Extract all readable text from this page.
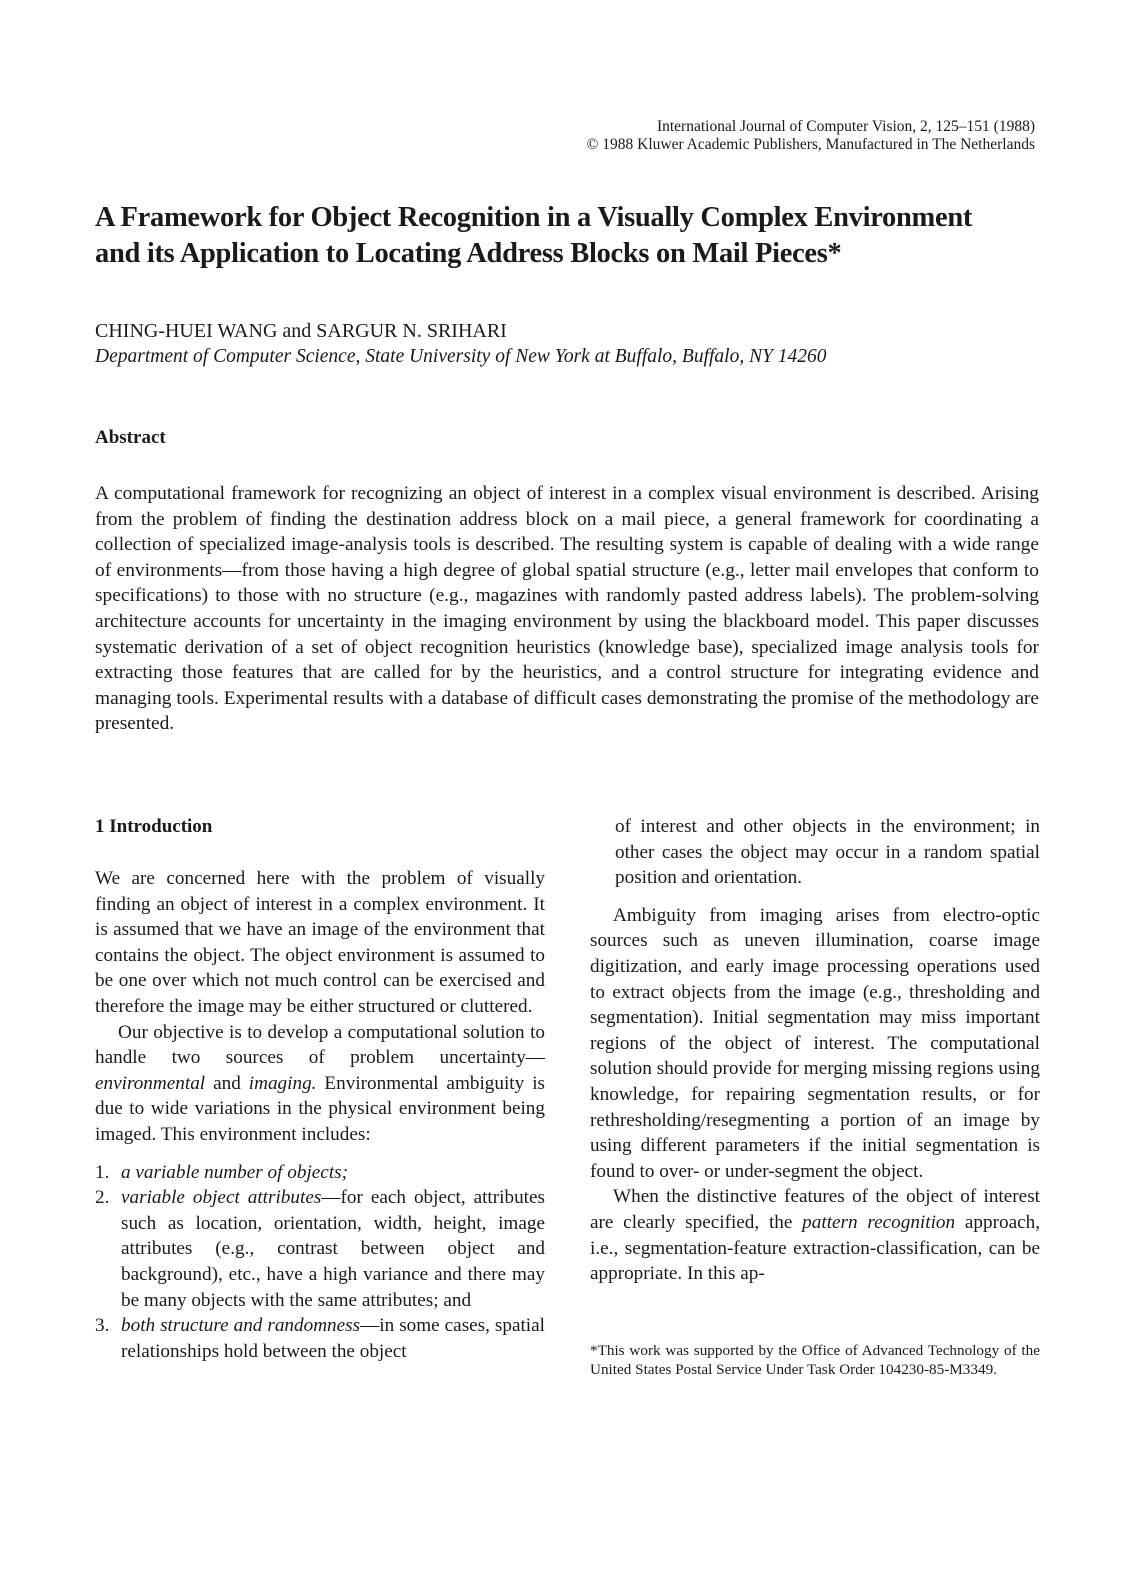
International Journal of Computer Vision, 2, 125–151 (1988)
© 1988 Kluwer Academic Publishers, Manufactured in The Netherlands
A Framework for Object Recognition in a Visually Complex Environment
and its Application to Locating Address Blocks on Mail Pieces*
CHING-HUEI WANG and SARGUR N. SRIHARI
Department of Computer Science, State University of New York at Buffalo, Buffalo, NY 14260
Abstract

A computational framework for recognizing an object of interest in a complex visual environment is described. Arising from the problem of finding the destination address block on a mail piece, a general framework for coordinating a collection of specialized image-analysis tools is described. The resulting system is capable of dealing with a wide range of environments—from those having a high degree of global spatial structure (e.g., letter mail envelopes that conform to specifications) to those with no structure (e.g., magazines with randomly pasted address labels). The problem-solving architecture accounts for uncertainty in the imaging environment by using the blackboard model. This paper discusses systematic derivation of a set of object recognition heuristics (knowledge base), specialized image analysis tools for extracting those features that are called for by the heuristics, and a control structure for integrating evidence and managing tools. Experimental results with a database of difficult cases demonstrating the promise of the methodology are presented.

1 Introduction

We are concerned here with the problem of visually finding an object of interest in a complex environment. It is assumed that we have an image of the environment that contains the object. The object environment is assumed to be one over which not much control can be exercised and therefore the image may be either structured or cluttered.

Our objective is to develop a computational solution to handle two sources of problem uncertainty—environmental and imaging. Environmental ambiguity is due to wide variations in the physical environment being imaged. This environment includes:

1. a variable number of objects;
2. variable object attributes—for each object, attributes such as location, orientation, width, height, image attributes (e.g., contrast between object and background), etc., have a high variance and there may be many objects with the same attributes; and
3. both structure and randomness—in some cases, spatial relationships hold between the object

of interest and other objects in the environment; in other cases the object may occur in a random spatial position and orientation.

Ambiguity from imaging arises from electro-optic sources such as uneven illumination, coarse image digitization, and early image processing operations used to extract objects from the image (e.g., thresholding and segmentation). Initial segmentation may miss important regions of the object of interest. The computational solution should provide for merging missing regions using knowledge, for repairing segmentation results, or for rethresholding/resegmenting a portion of an image by using different parameters if the initial segmentation is found to over- or under-segment the object.

When the distinctive features of the object of interest are clearly specified, the pattern recognition approach, i.e., segmentation-feature extraction-classification, can be appropriate. In this ap-

*This work was supported by the Office of Advanced Technology of the United States Postal Service Under Task Order 104230-85-M3349.
